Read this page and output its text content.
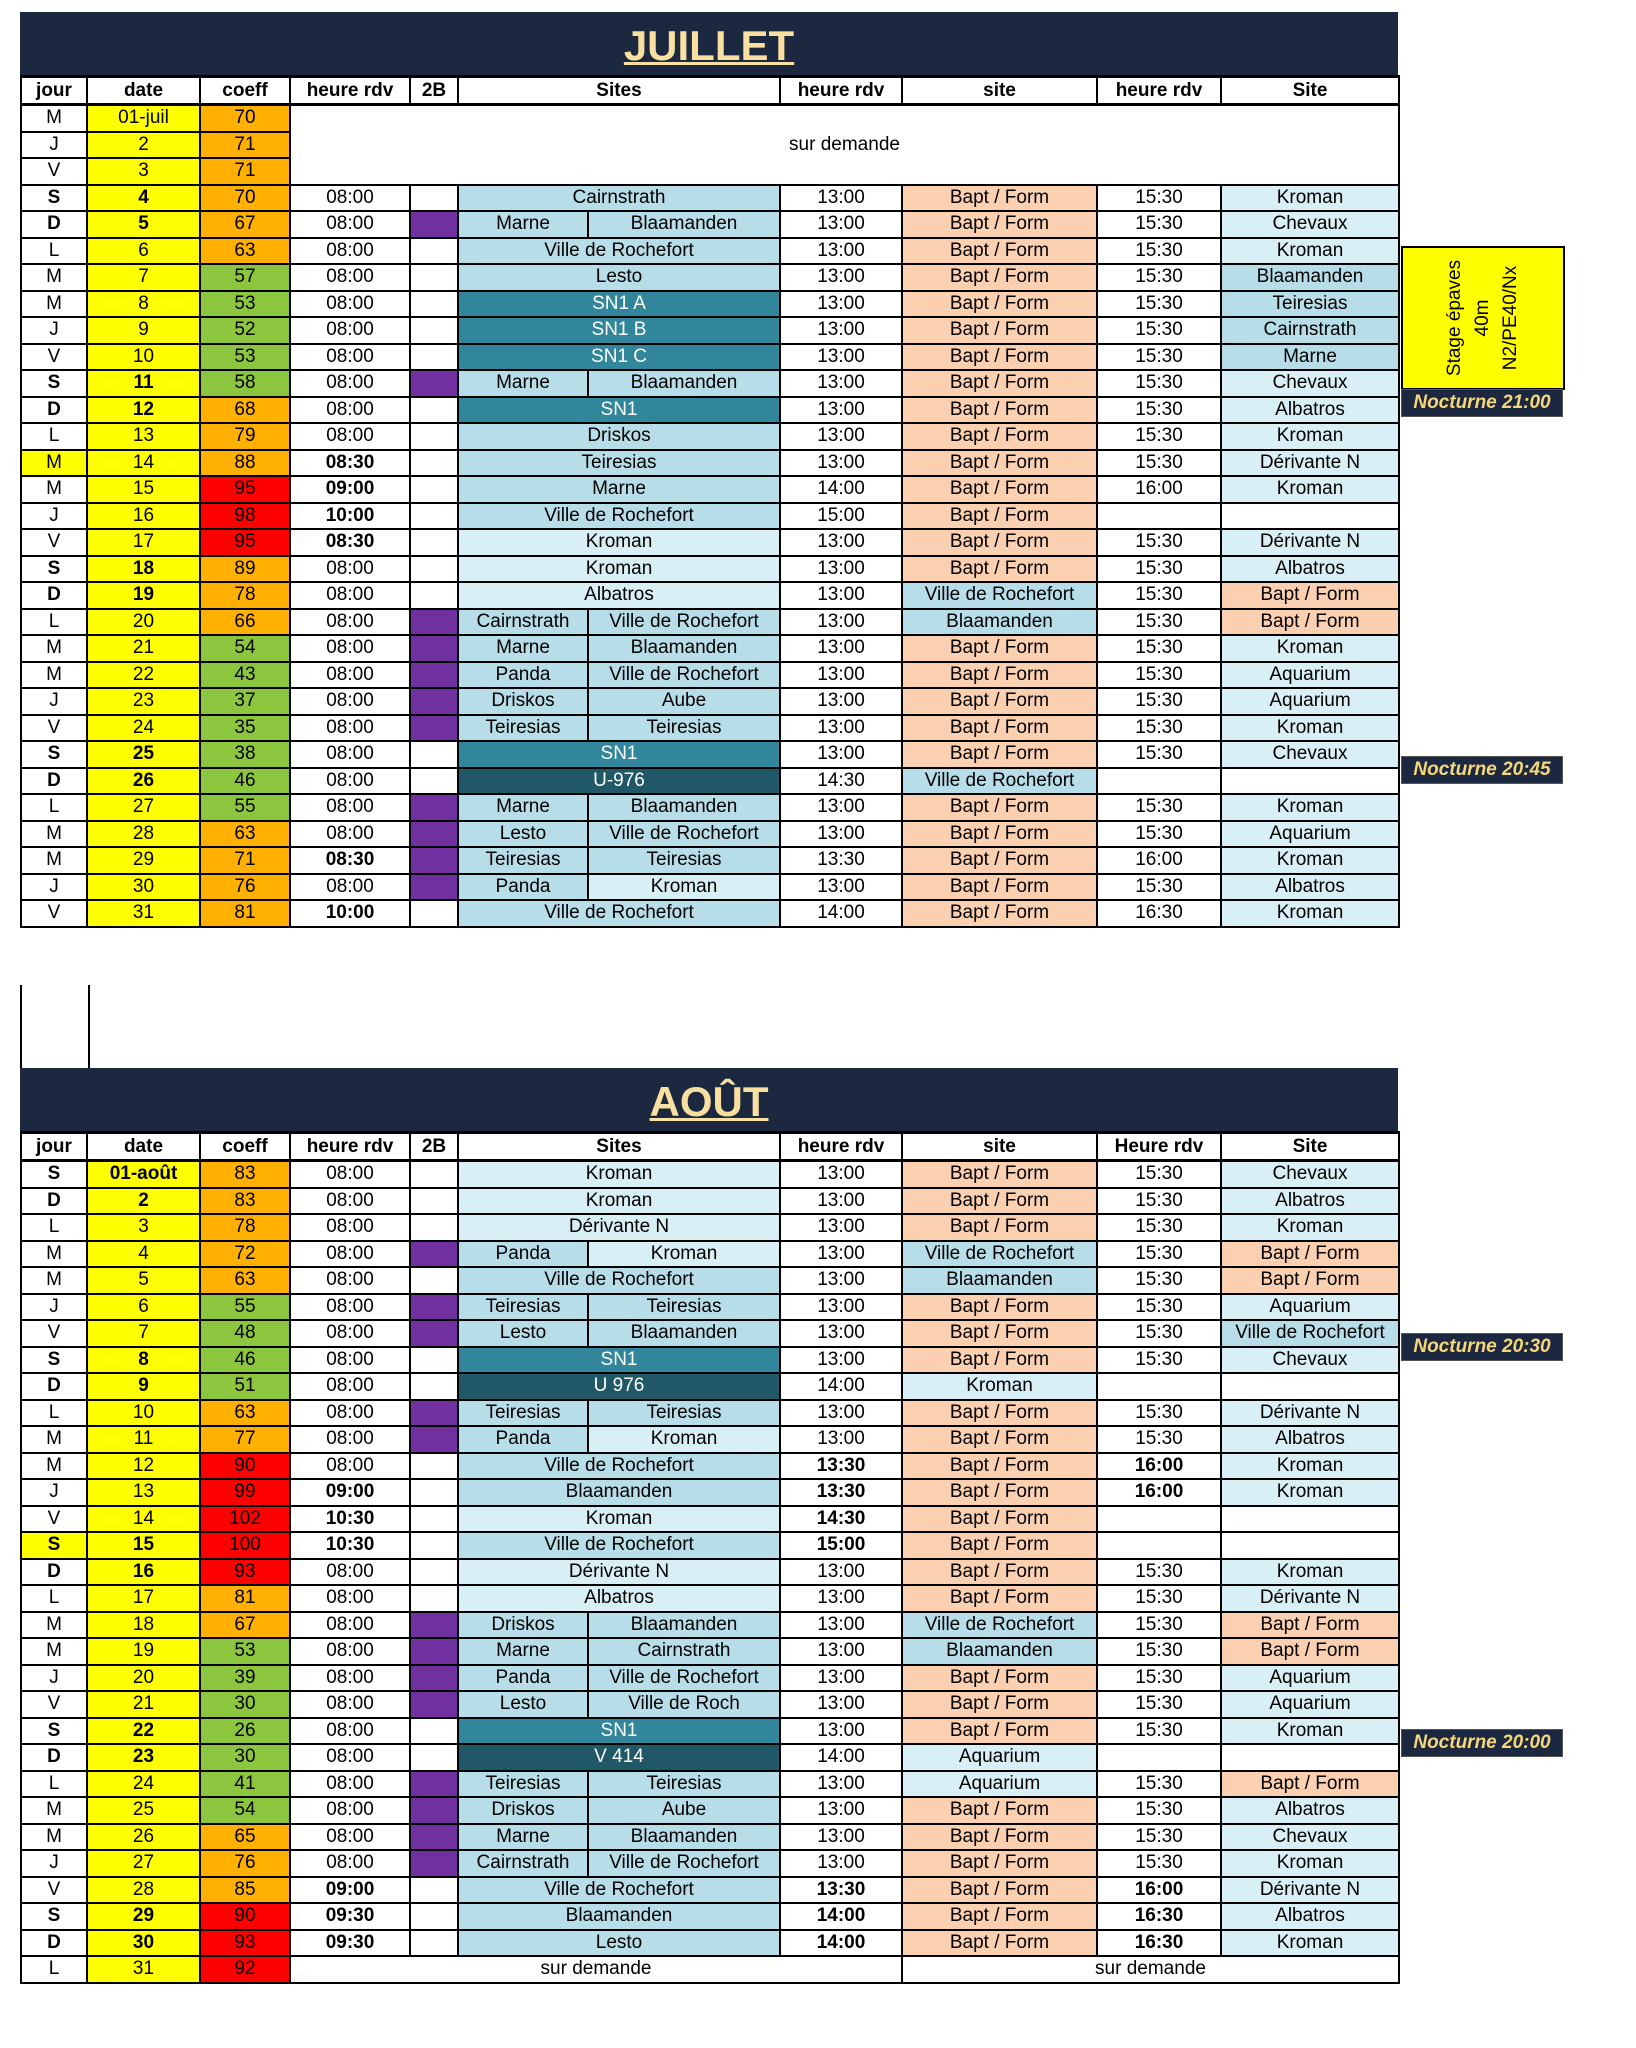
JUILLET
jour	date	coeff	heure rdv	2B	Sites	heure rdv	site	heure rdv	Site
M	01-juil	70	sur demande						
J	2	71							
V	3	71							
S	4	70	08:00		Cairnstrath	13:00	Bapt / Form	15:30	Kroman
D	5	67	08:00		Marne Blaamanden	13:00	Bapt / Form	15:30	Chevaux
L	6	63	08:00		Ville de Rochefort	13:00	Bapt / Form	15:30	Kroman
M	7	57	08:00		Lesto	13:00	Bapt / Form	15:30	Blaamanden
M	8	53	08:00		SN1 A	13:00	Bapt / Form	15:30	Teiresias
J	9	52	08:00		SN1 B	13:00	Bapt / Form	15:30	Cairnstrath
V	10	53	08:00		SN1 C	13:00	Bapt / Form	15:30	Marne
S	11	58	08:00		Marne Blaamanden	13:00	Bapt / Form	15:30	Chevaux
D	12	68	08:00		SN1	13:00	Bapt / Form	15:30	Albatros
L	13	79	08:00		Driskos	13:00	Bapt / Form	15:30	Kroman
M	14	88	08:30		Teiresias	13:00	Bapt / Form	15:30	Dérivante N
M	15	95	09:00		Marne	14:00	Bapt / Form	16:00	Kroman
J	16	98	10:00		Ville de Rochefort	15:00	Bapt / Form		
V	17	95	08:30		Kroman	13:00	Bapt / Form	15:30	Dérivante N
S	18	89	08:00		Kroman	13:00	Bapt / Form	15:30	Albatros
D	19	78	08:00		Albatros	13:00	Ville de Rochefort	15:30	Bapt / Form
L	20	66	08:00		Cairnstrath Ville de Rochefort	13:00	Blaamanden	15:30	Bapt / Form
M	21	54	08:00		Marne Blaamanden	13:00	Bapt / Form	15:30	Kroman
M	22	43	08:00		Panda Ville de Rochefort	13:00	Bapt / Form	15:30	Aquarium
J	23	37	08:00		Driskos Aube	13:00	Bapt / Form	15:30	Aquarium
V	24	35	08:00		Teiresias Teiresias	13:00	Bapt / Form	15:30	Kroman
S	25	38	08:00		SN1	13:00	Bapt / Form	15:30	Chevaux
D	26	46	08:00		U-976	14:30	Ville de Rochefort		
L	27	55	08:00		Marne Blaamanden	13:00	Bapt / Form	15:30	Kroman
M	28	63	08:00		Lesto Ville de Rochefort	13:00	Bapt / Form	15:30	Aquarium
M	29	71	08:30		Teiresias Teiresias	13:30	Bapt / Form	16:00	Kroman
J	30	76	08:00		Panda Kroman	13:00	Bapt / Form	15:30	Albatros
V	31	81	10:00		Ville de Rochefort	14:00	Bapt / Form	16:30	Kroman
Stage épaves 40m N2/PE40/Nx
Nocturne 21:00
Nocturne 20:45
AOÛT
jour	date	coeff	heure rdv	2B	Sites	heure rdv	site	Heure rdv	Site
S	01-août	83	08:00		Kroman	13:00	Bapt / Form	15:30	Chevaux
D	2	83	08:00		Kroman	13:00	Bapt / Form	15:30	Albatros
L	3	78	08:00		Dérivante N	13:00	Bapt / Form	15:30	Kroman
M	4	72	08:00		Panda Kroman	13:00	Ville de Rochefort	15:30	Bapt / Form
M	5	63	08:00		Ville de Rochefort	13:00	Blaamanden	15:30	Bapt / Form
J	6	55	08:00		Teiresias Teiresias	13:00	Bapt / Form	15:30	Aquarium
V	7	48	08:00		Lesto Blaamanden	13:00	Bapt / Form	15:30	Ville de Rochefort
S	8	46	08:00		SN1	13:00	Bapt / Form	15:30	Chevaux
D	9	51	08:00		U 976	14:00	Kroman		
L	10	63	08:00		Teiresias Teiresias	13:00	Bapt / Form	15:30	Dérivante N
M	11	77	08:00		Panda Kroman	13:00	Bapt / Form	15:30	Albatros
M	12	90	08:00		Ville de Rochefort	13:30	Bapt / Form	16:00	Kroman
J	13	99	09:00		Blaamanden	13:30	Bapt / Form	16:00	Kroman
V	14	102	10:30		Kroman	14:30	Bapt / Form		
S	15	100	10:30		Ville de Rochefort	15:00	Bapt / Form		
D	16	93	08:00		Dérivante N	13:00	Bapt / Form	15:30	Kroman
L	17	81	08:00		Albatros	13:00	Bapt / Form	15:30	Dérivante N
M	18	67	08:00		Driskos Blaamanden	13:00	Ville de Rochefort	15:30	Bapt / Form
M	19	53	08:00		Marne Cairnstrath	13:00	Blaamanden	15:30	Bapt / Form
J	20	39	08:00		Panda Ville de Rochefort	13:00	Bapt / Form	15:30	Aquarium
V	21	30	08:00		Lesto Ville de Roch	13:00	Bapt / Form	15:30	Aquarium
S	22	26	08:00		SN1	13:00	Bapt / Form	15:30	Kroman
D	23	30	08:00		V 414	14:00	Aquarium		
L	24	41	08:00		Teiresias Teiresias	13:00	Aquarium	15:30	Bapt / Form
M	25	54	08:00		Driskos Aube	13:00	Bapt / Form	15:30	Albatros
M	26	65	08:00		Marne Blaamanden	13:00	Bapt / Form	15:30	Chevaux
J	27	76	08:00		Cairnstrath Ville de Rochefort	13:00	Bapt / Form	15:30	Kroman
V	28	85	09:00		Ville de Rochefort	13:30	Bapt / Form	16:00	Dérivante N
S	29	90	09:30		Blaamanden	14:00	Bapt / Form	16:30	Albatros
D	30	93	09:30		Lesto	14:00	Bapt / Form	16:30	Kroman
L	31	92	sur demande				sur demande		
Nocturne 20:30
Nocturne 20:00
